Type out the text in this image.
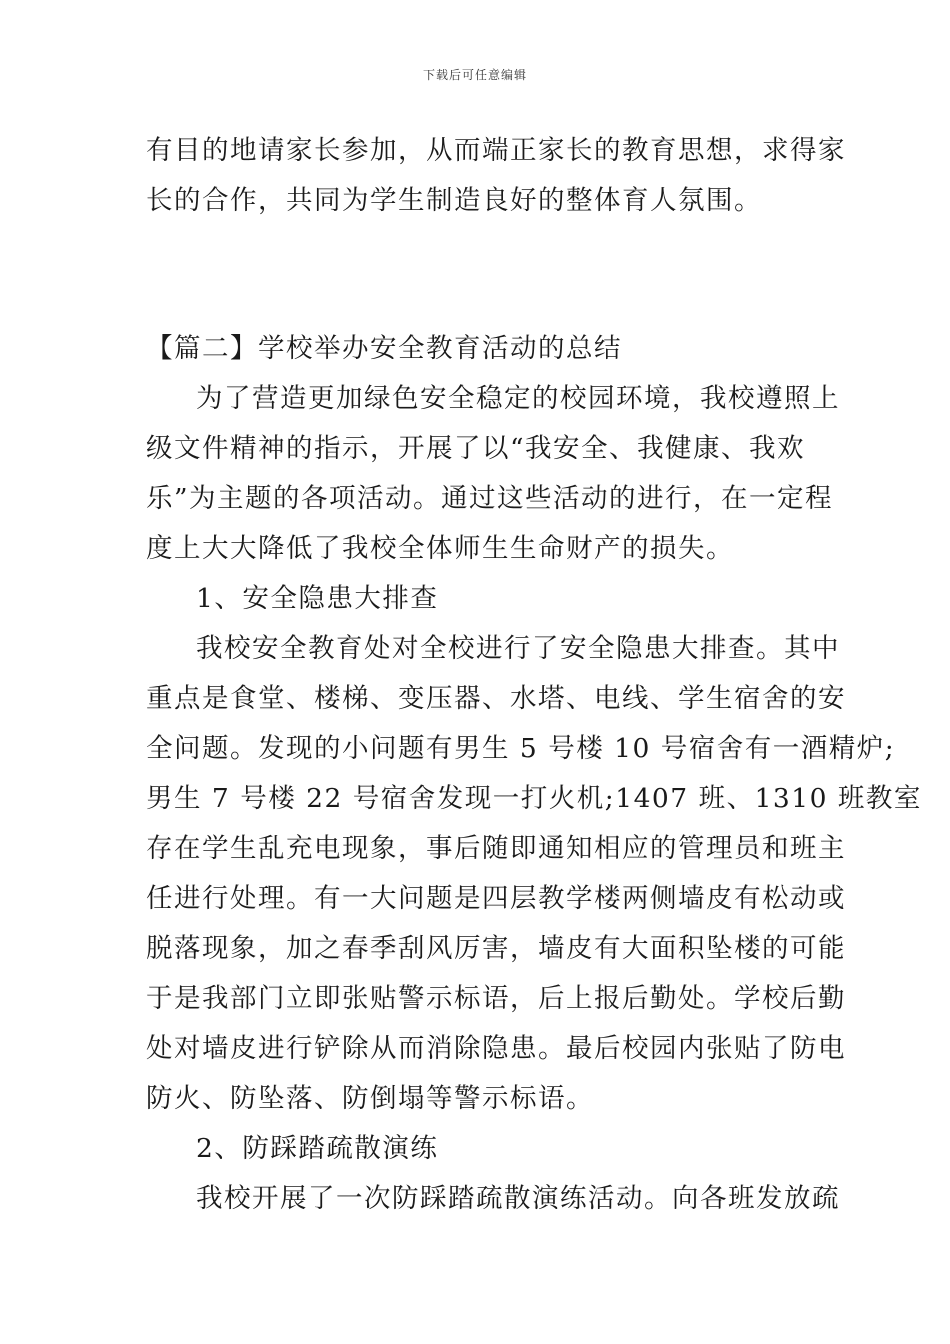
下载后可任意编辑
有目的地请家长参加，从而端正家长的教育思想，求得家
长的合作，共同为学生制造良好的整体育人氛围。
【篇二】学校举办安全教育活动的总结
为了营造更加绿色安全稳定的校园环境，我校遵照上
级文件精神的指示，开展了以“我安全、我健康、我欢
乐”为主题的各项活动。通过这些活动的进行，在一定程
度上大大降低了我校全体师生生命财产的损失。
1、安全隐患大排查
我校安全教育处对全校进行了安全隐患大排查。其中
重点是食堂、楼梯、变压器、水塔、电线、学生宿舍的安
全问题。发现的小问题有男生 5 号楼 10 号宿舍有一酒精炉;
男生 7 号楼 22 号宿舍发现一打火机;1407 班、1310 班教室
存在学生乱充电现象，事后随即通知相应的管理员和班主
任进行处理。有一大问题是四层教学楼两侧墙皮有松动或
脱落现象，加之春季刮风厉害，墙皮有大面积坠楼的可能
于是我部门立即张贴警示标语，后上报后勤处。学校后勤
处对墙皮进行铲除从而消除隐患。最后校园内张贴了防电
防火、防坠落、防倒塌等警示标语。
2、防踩踏疏散演练
我校开展了一次防踩踏疏散演练活动。向各班发放疏
